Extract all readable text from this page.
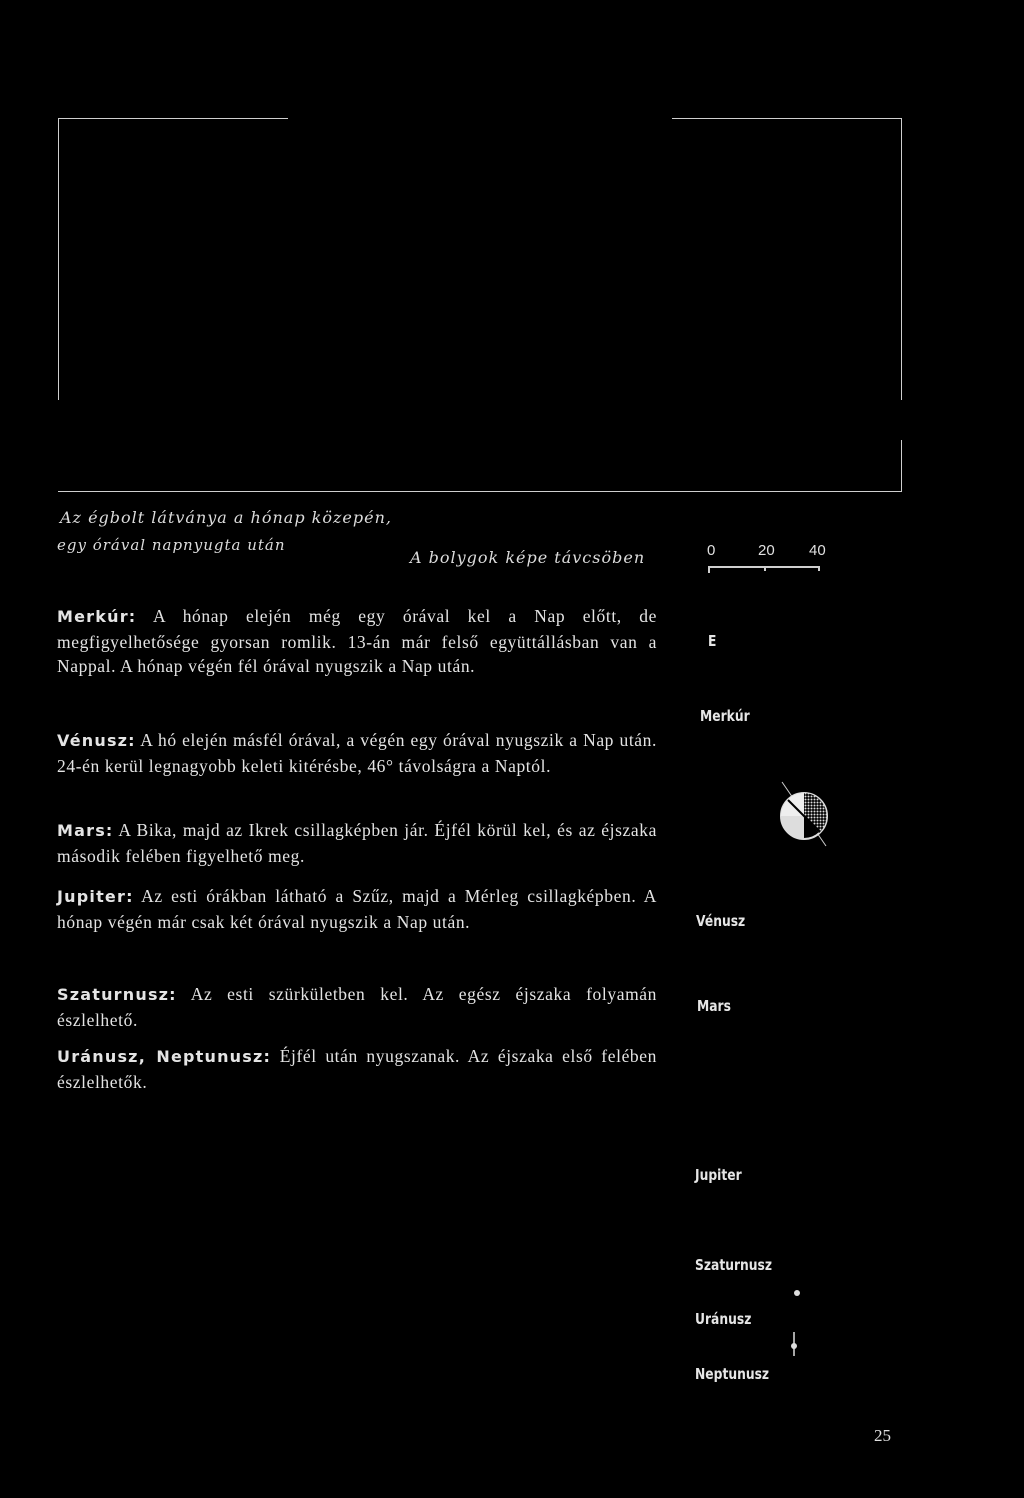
Az égbolt látványa a hónap közepén,
egy órával napnyugta után
A bolygok képe távcsöben	0	20 40
Merkúr: A hónap elején még egy órával kel a Nap előtt, de megfigyelhetősége gyorsan romlik. 13-án már felső együttállásban van a Nappal. A hónap végén fél órával nyugszik a Nap után.
Vénusz: A hó elején másfél órával, a végén egy órával nyugszik a Nap után. 24-én kerül legnagyobb keleti kitérésbe, 46° távolságra a Naptól.
Mars: A Bika, majd az Ikrek csillagképben jár. Éjfél körül kel, és az éjszaka második felében figyelhető meg.
Jupiter: Az esti órákban látható a Szűz, majd a Mérleg csillagképben. A hónap végén már csak két órával nyugszik a Nap után.
Szaturnusz: Az esti szürkületben kel. Az egész éjszaka folyamán észlelhető.
Uránusz, Neptunusz: Éjfél után nyugszanak. Az éjszaka első felében észlelhetők.
E
Merkúr
Vénusz
Mars
Jupiter
Szaturnusz
Uránusz
Neptunusz
25
